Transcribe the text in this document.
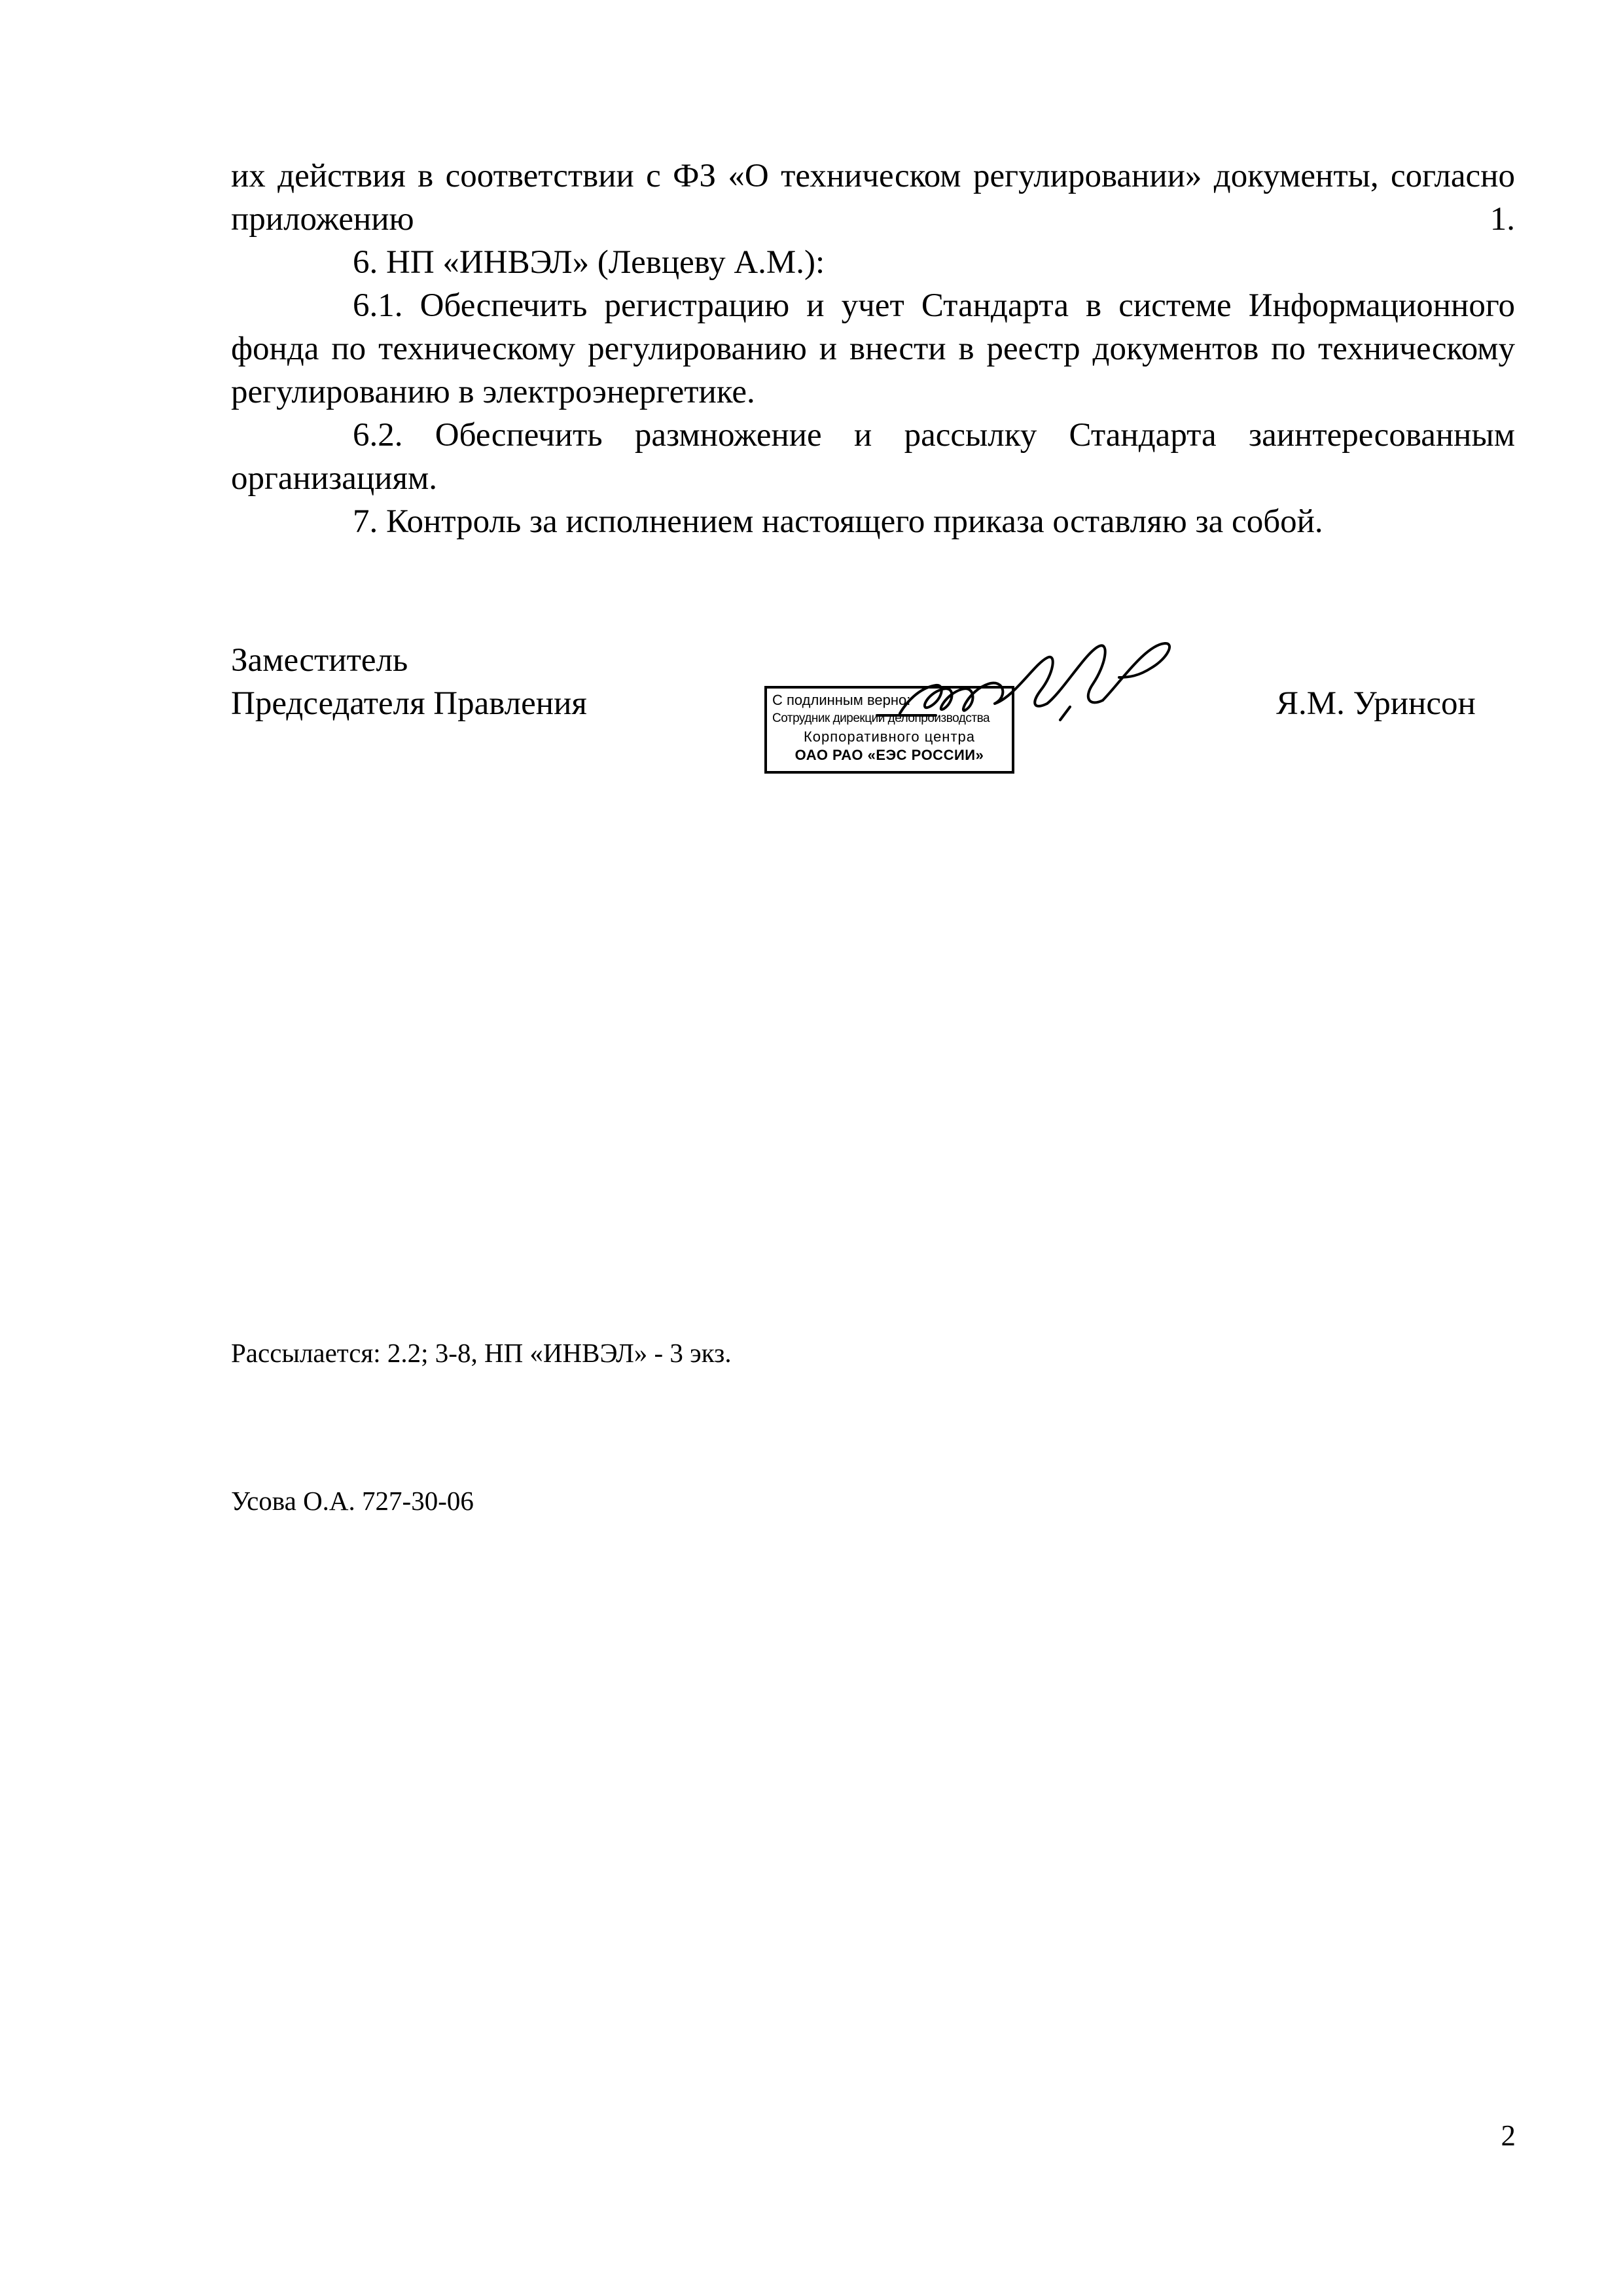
их действия в соответствии с ФЗ «О техническом регулировании» документы, согласно приложению 1.

6. НП «ИНВЭЛ» (Левцеву А.М.):

6.1. Обеспечить регистрацию и учет Стандарта в системе Информационного фонда по техническому регулированию и внести в реестр документов по техническому регулированию в электроэнергетике.

6.2. Обеспечить размножение и рассылку Стандарта заинтересованным организациям.

7. Контроль за исполнением настоящего приказа оставляю за собой.

Заместитель
Председателя Правления	С подлинным верно:
Сотрудник дирекции делопроизводства
Корпоративного центра
ОАО РАО «ЕЭС РОССИИ»
Я.М. Уринсон
Рассылается: 2.2; 3-8, НП «ИНВЭЛ» - 3 экз.
Усова О.А. 727-30-06
2
